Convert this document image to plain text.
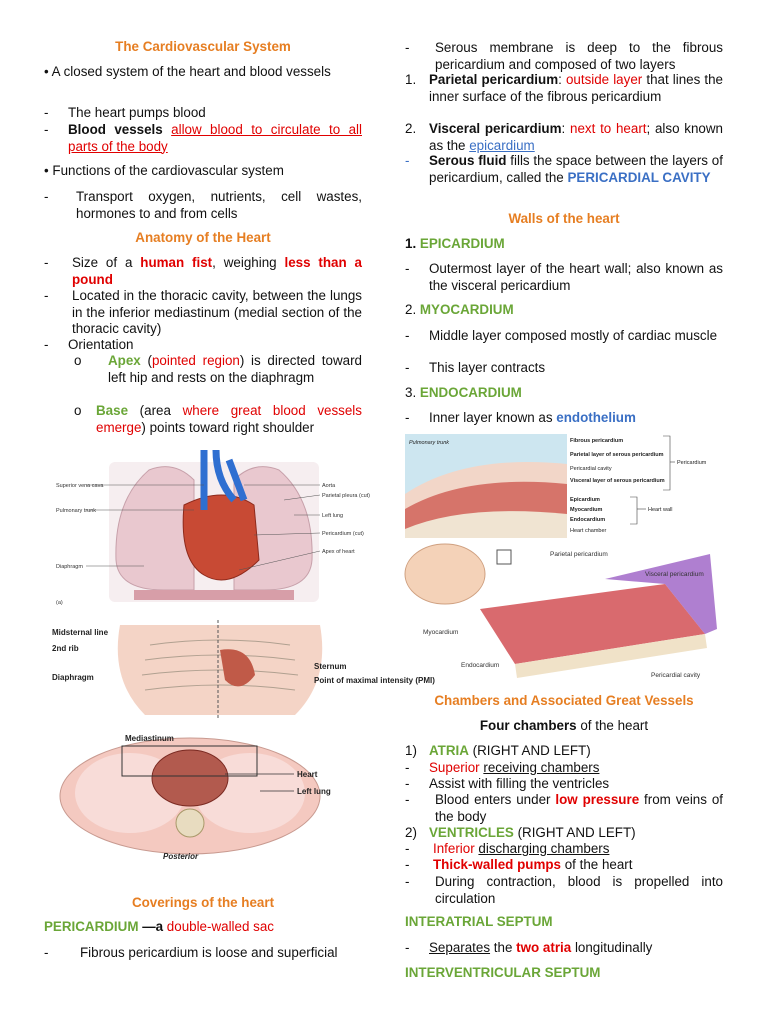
The Cardiovascular System
• A closed system of the heart and blood vessels
-	The heart pumps blood
-	Blood vessels allow blood to circulate to all parts of the body
• Functions of the cardiovascular system
-	Transport oxygen, nutrients, cell wastes, hormones to and from cells
Anatomy of the Heart
-	Size of a human fist, weighing less than a pound
-	Located in the thoracic cavity, between the lungs in the inferior mediastinum (medial section of the thoracic cavity)
-	Orientation
o	Apex (pointed region) is directed toward left hip and rests on the diaphragm
o	Base (area where great blood vessels emerge) points toward right shoulder
Coverings of the heart
PERICARDIUM —a double-walled sac
-	Fibrous pericardium is loose and superficial
Superior vena cava
Pulmonary trunk
Diaphragm
Aorta
Parietal pleura (cut)
Left lung
Pericardium (cut)
Apex of heart
(a)
Midsternal line
2nd rib
Diaphragm
Sternum
Point of maximal intensity (PMI)
Mediastinum
Heart
Left lung
Posterior
-	Serous membrane is deep to the fibrous pericardium and composed of two layers
1. Parietal pericardium: outside layer that lines the inner surface of the fibrous pericardium
2. Visceral pericardium: next to heart; also known as the epicardium
-	Serous fluid fills the space between the layers of pericardium, called the PERICARDIAL CAVITY
Walls of the heart
1. EPICARDIUM
-	Outermost layer of the heart wall; also known as the visceral pericardium
2. MYOCARDIUM
-	Middle layer composed mostly of cardiac muscle
-	This layer contracts
3. ENDOCARDIUM
-	Inner layer known as endothelium
Chambers and Associated Great Vessels
Four chambers of the heart
1) ATRIA (RIGHT AND LEFT)
-	Superior receiving chambers
-	Assist with filling the ventricles
-	Blood enters under low pressure from veins of the body
2) VENTRICLES (RIGHT AND LEFT)
-	Inferior discharging chambers
-	Thick-walled pumps of the heart
-	During contraction, blood is propelled into circulation
INTERATRIAL SEPTUM
-	Separates the two atria longitudinally
INTERVENTRICULAR SEPTUM
Pulmonary trunk	Fibrous pericardium
Parietal layer of serous pericardium
Pericardial cavity
Visceral layer of serous pericardium
Epicardium
Myocardium
Endocardium
Heart chamber
Pericardium
Heart wall
Parietal pericardium
Visceral pericardium
Myocardium
Endocardium
Pericardial cavity
